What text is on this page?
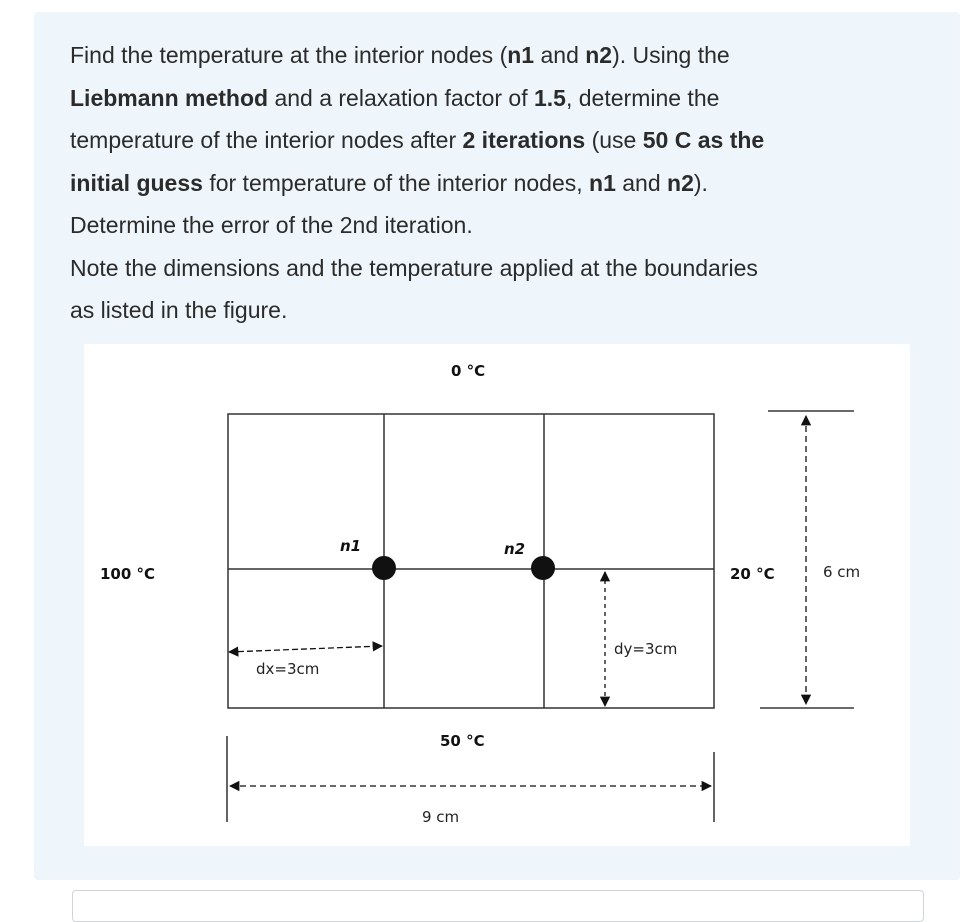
Find the temperature at the interior nodes (n1 and n2). Using the

Liebmann method and a relaxation factor of 1.5, determine the

temperature of the interior nodes after 2 iterations (use 50 C as the

initial guess for temperature of the interior nodes, n1 and n2).

Determine the error of the 2nd iteration.

Note the dimensions and the temperature applied at the boundaries

as listed in the figure.

n1	n2
0 °C
100 °C	20 °C
50 °C
dx=3cm
dy=3cm
9 cm
6 cm
